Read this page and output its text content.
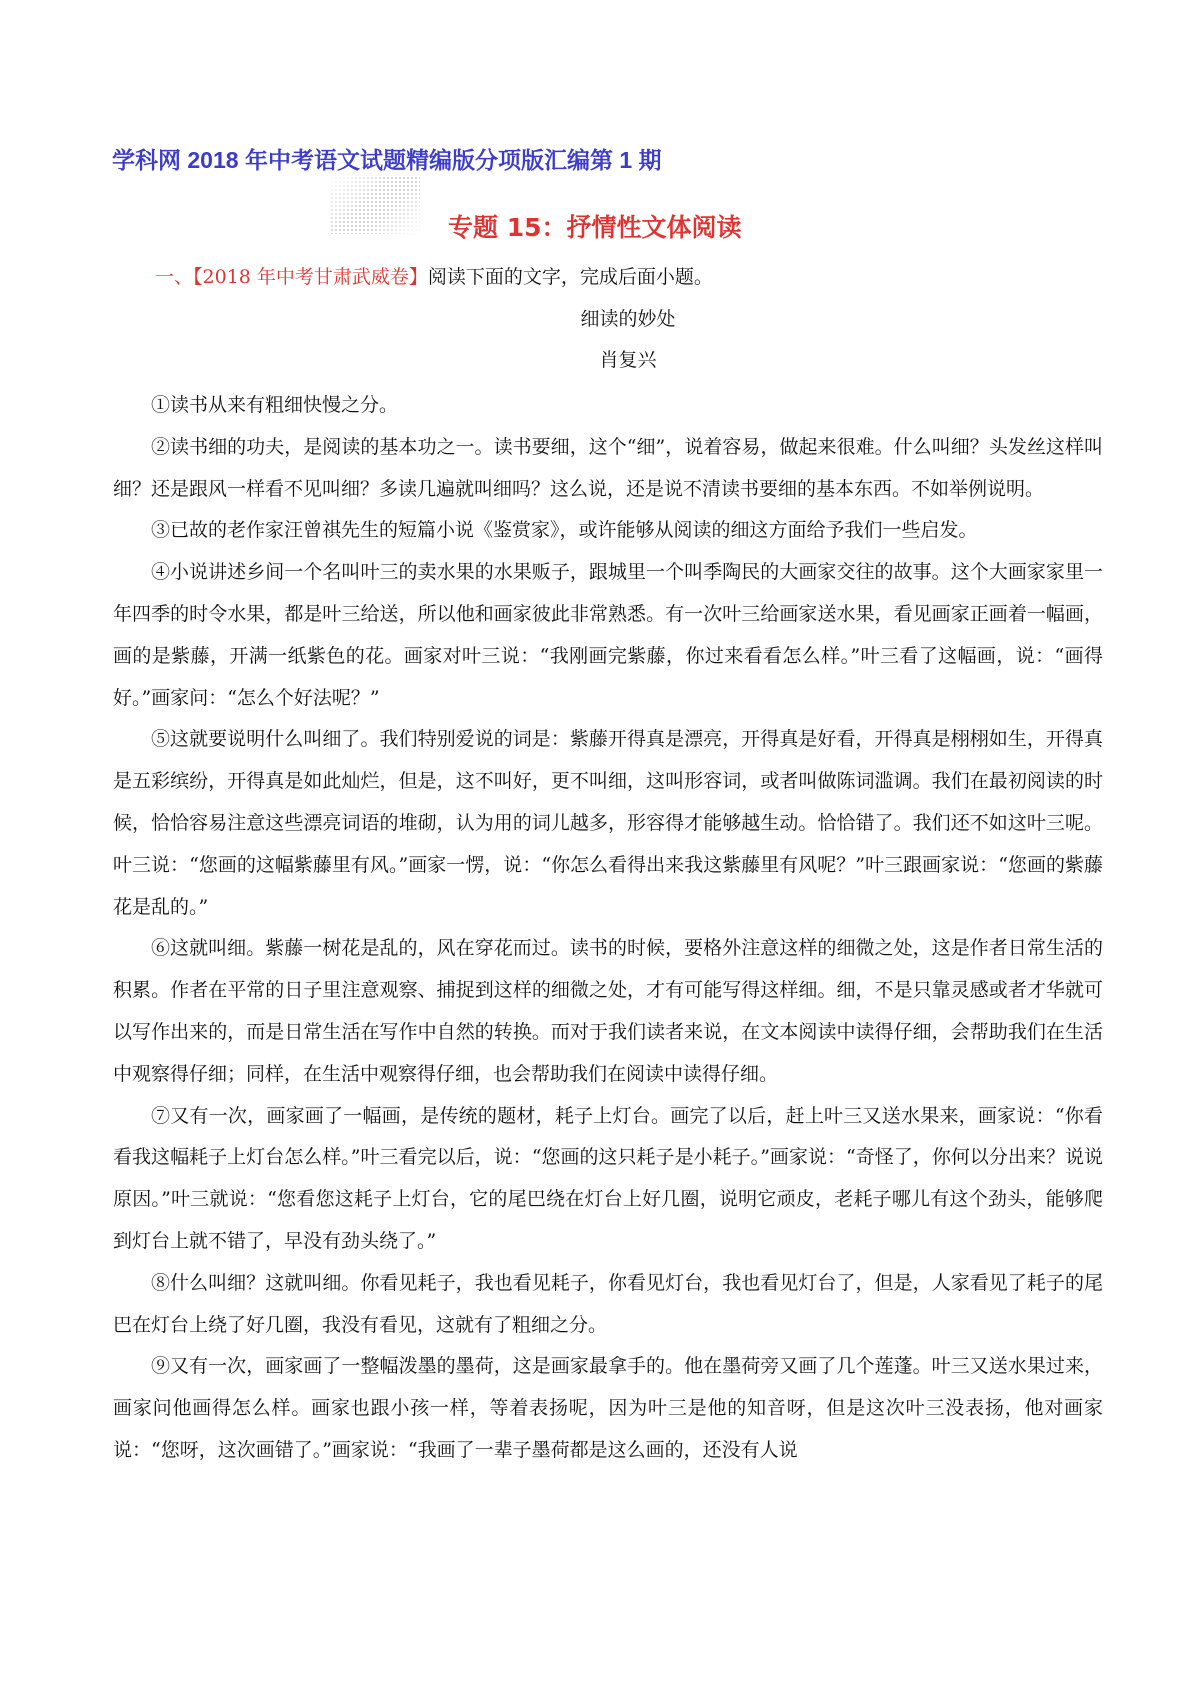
学科网 2018 年中考语文试题精编版分项版汇编第 1 期
专题 15：抒情性文体阅读
一、【2018 年中考甘肃武威卷】阅读下面的文字，完成后面小题。
细读的妙处
肖复兴

①读书从来有粗细快慢之分。

②读书细的功夫，是阅读的基本功之一。读书要细，这个“细”，说着容易，做起来很难。什么叫细？头发丝这样叫细？还是跟风一样看不见叫细？多读几遍就叫细吗？这么说，还是说不清读书要细的基本东西。不如举例说明。

③已故的老作家汪曾祺先生的短篇小说《鉴赏家》，或许能够从阅读的细这方面给予我们一些启发。

④小说讲述乡间一个名叫叶三的卖水果的水果贩子，跟城里一个叫季陶民的大画家交往的故事。这个大画家家里一年四季的时令水果，都是叶三给送，所以他和画家彼此非常熟悉。有一次叶三给画家送水果，看见画家正画着一幅画，画的是紫藤，开满一纸紫色的花。画家对叶三说：“我刚画完紫藤，你过来看看怎么样。”叶三看了这幅画，说：“画得好。”画家问：“怎么个好法呢？”

⑤这就要说明什么叫细了。我们特别爱说的词是：紫藤开得真是漂亮，开得真是好看，开得真是栩栩如生，开得真是五彩缤纷，开得真是如此灿烂，但是，这不叫好，更不叫细，这叫形容词，或者叫做陈词滥调。我们在最初阅读的时候，恰恰容易注意这些漂亮词语的堆砌，认为用的词儿越多，形容得才能够越生动。恰恰错了。我们还不如这叶三呢。叶三说：“您画的这幅紫藤里有风。”画家一愣，说：“你怎么看得出来我这紫藤里有风呢？”叶三跟画家说：“您画的紫藤花是乱的。”

⑥这就叫细。紫藤一树花是乱的，风在穿花而过。读书的时候，要格外注意这样的细微之处，这是作者日常生活的积累。作者在平常的日子里注意观察、捕捉到这样的细微之处，才有可能写得这样细。细，不是只靠灵感或者才华就可以写作出来的，而是日常生活在写作中自然的转换。而对于我们读者来说，在文本阅读中读得仔细，会帮助我们在生活中观察得仔细；同样，在生活中观察得仔细，也会帮助我们在阅读中读得仔细。

⑦又有一次，画家画了一幅画，是传统的题材，耗子上灯台。画完了以后，赶上叶三又送水果来，画家说：“你看看我这幅耗子上灯台怎么样。”叶三看完以后，说：“您画的这只耗子是小耗子。”画家说：“奇怪了，你何以分出来？说说原因。”叶三就说：“您看您这耗子上灯台，它的尾巴绕在灯台上好几圈，说明它顽皮，老耗子哪儿有这个劲头，能够爬到灯台上就不错了，早没有劲头绕了。”

⑧什么叫细？这就叫细。你看见耗子，我也看见耗子，你看见灯台，我也看见灯台了，但是，人家看见了耗子的尾巴在灯台上绕了好几圈，我没有看见，这就有了粗细之分。

⑨又有一次，画家画了一整幅泼墨的墨荷，这是画家最拿手的。他在墨荷旁又画了几个莲蓬。叶三又送水果过来，画家问他画得怎么样。画家也跟小孩一样，等着表扬呢，因为叶三是他的知音呀，但是这次叶三没表扬，他对画家说：“您呀，这次画错了。”画家说：“我画了一辈子墨荷都是这么画的，还没有人说
